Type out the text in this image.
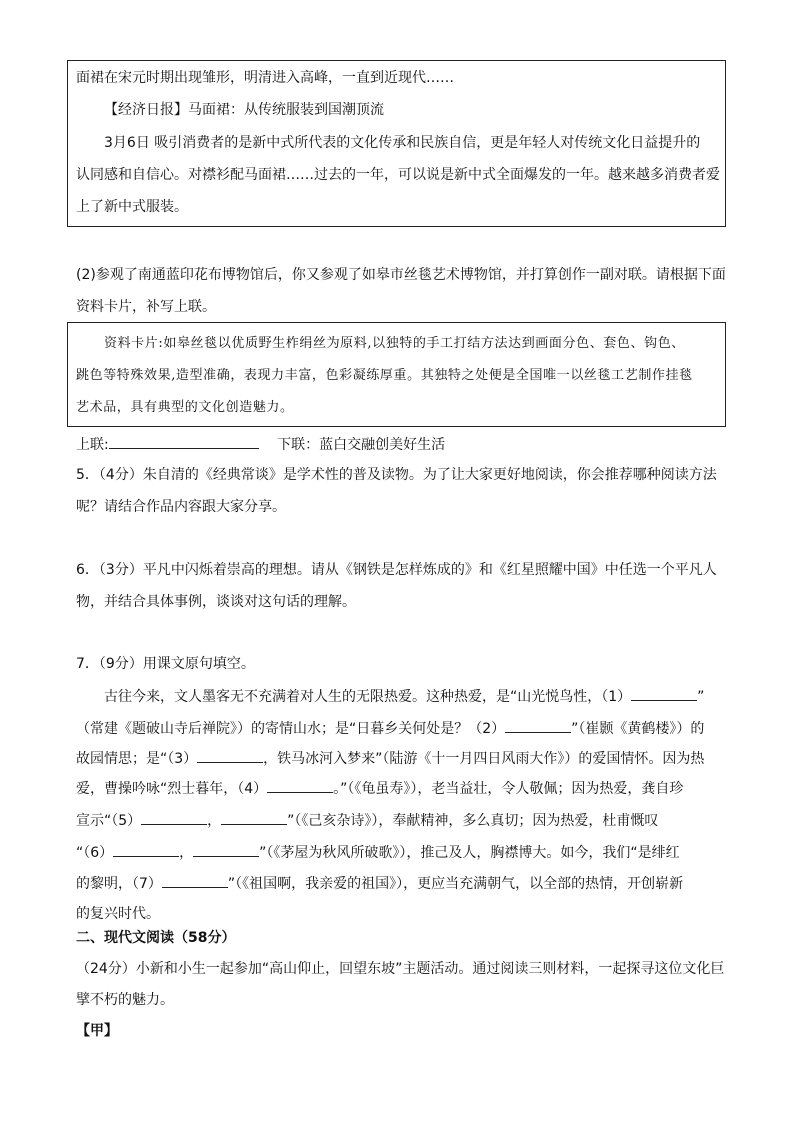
面裙在宋元时期出现雏形，明清进入高峰，一直到近现代……
【经济日报】马面裙：从传统服装到国潮顶流
3月6日 吸引消费者的是新中式所代表的文化传承和民族自信，更是年轻人对传统文化日益提升的
认同感和自信心。对襟衫配马面裙……过去的一年，可以说是新中式全面爆发的一年。越来越多消费者爱
上了新中式服装。
(2)参观了南通蓝印花布博物馆后，你又参观了如皋市丝毯艺术博物馆，并打算创作一副对联。请根据下面
资料卡片，补写上联。
资料卡片:如皋丝毯以优质野生柞绢丝为原料,以独特的手工打结方法达到画面分色、套色、钩色、
跳色等特殊效果,造型准确，表现力丰富，色彩凝练厚重。其独特之处便是全国唯一以丝毯工艺制作挂毯
艺术品，具有典型的文化创造魅力。
上联:	下联：蓝白交融创美好生活
5．（4分）朱自清的《经典常谈》是学术性的普及读物。为了让大家更好地阅读，你会推荐哪种阅读方法
呢？请结合作品内容跟大家分享。
6．（3分）平凡中闪烁着崇高的理想。请从《钢铁是怎样炼成的》和《红星照耀中国》中任选一个平凡人
物，并结合具体事例，谈谈对这句话的理解。
7．（9分）用课文原句填空。
古往今来，文人墨客无不充满着对人生的无限热爱。这种热爱，是“山光悦鸟性，（1）	”
（常建《题破山寺后禅院》）的寄情山水；是“日暮乡关何处是？（2）	”（崔颢《黄鹤楼》）的
故园情思；是“（3）	，铁马冰河入梦来”（陆游《十一月四日风雨大作》）的爱国情怀。因为热
爱，曹操吟咏“烈士暮年，（4）	。”（《龟虽寿》），老当益壮，令人敬佩；因为热爱，龚自珍
宣示“（5）	，	”（《己亥杂诗》），奉献精神，多么真切；因为热爱，杜甫慨叹
“（6）	，	”（《茅屋为秋风所破歌》），推己及人，胸襟博大。如今，我们“是绯红
的黎明，（7）	”（《祖国啊，我亲爱的祖国》），更应当充满朝气，以全部的热情，开创崭新
的复兴时代。
二、现代文阅读（58分）
（24分）小新和小生一起参加“高山仰止，回望东坡”主题活动。通过阅读三则材料，一起探寻这位文化巨
擘不朽的魅力。
【甲】
